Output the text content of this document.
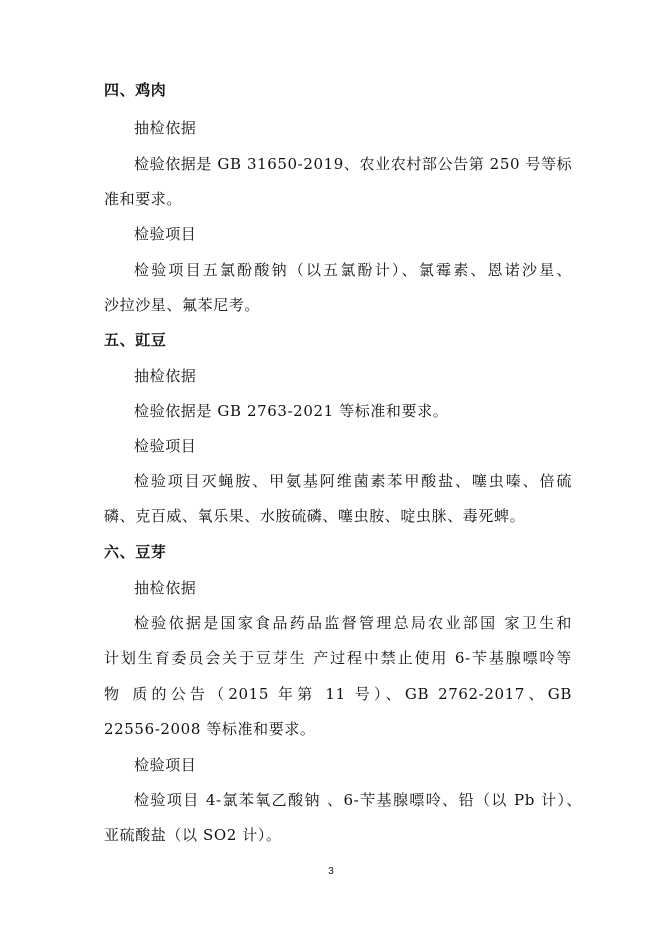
四、鸡肉
抽检依据
检验依据是 GB 31650-2019、农业农村部公告第 250 号等标
准和要求。
检验项目
检验项目五氯酚酸钠（以五氯酚计）、氯霉素、恩诺沙星、
沙拉沙星、氟苯尼考。
五、豇豆
抽检依据
检验依据是 GB 2763-2021 等标准和要求。
检验项目
检验项目灭蝇胺、甲氨基阿维菌素苯甲酸盐、噻虫嗪、倍硫
磷、克百威、氧乐果、水胺硫磷、噻虫胺、啶虫脒、毒死蜱。
六、豆芽
抽检依据
检验依据是国家食品药品监督管理总局农业部国 家卫生和
计划生育委员会关于豆芽生 产过程中禁止使用 6-苄基腺嘌呤等
物 质的公告（2015 年第 11 号）、GB 2762-2017、GB
22556-2008 等标准和要求。
检验项目
检验项目 4-氯苯氧乙酸钠 、6-苄基腺嘌呤、铅（以 Pb 计）、
亚硫酸盐（以 SO2 计）。
3
